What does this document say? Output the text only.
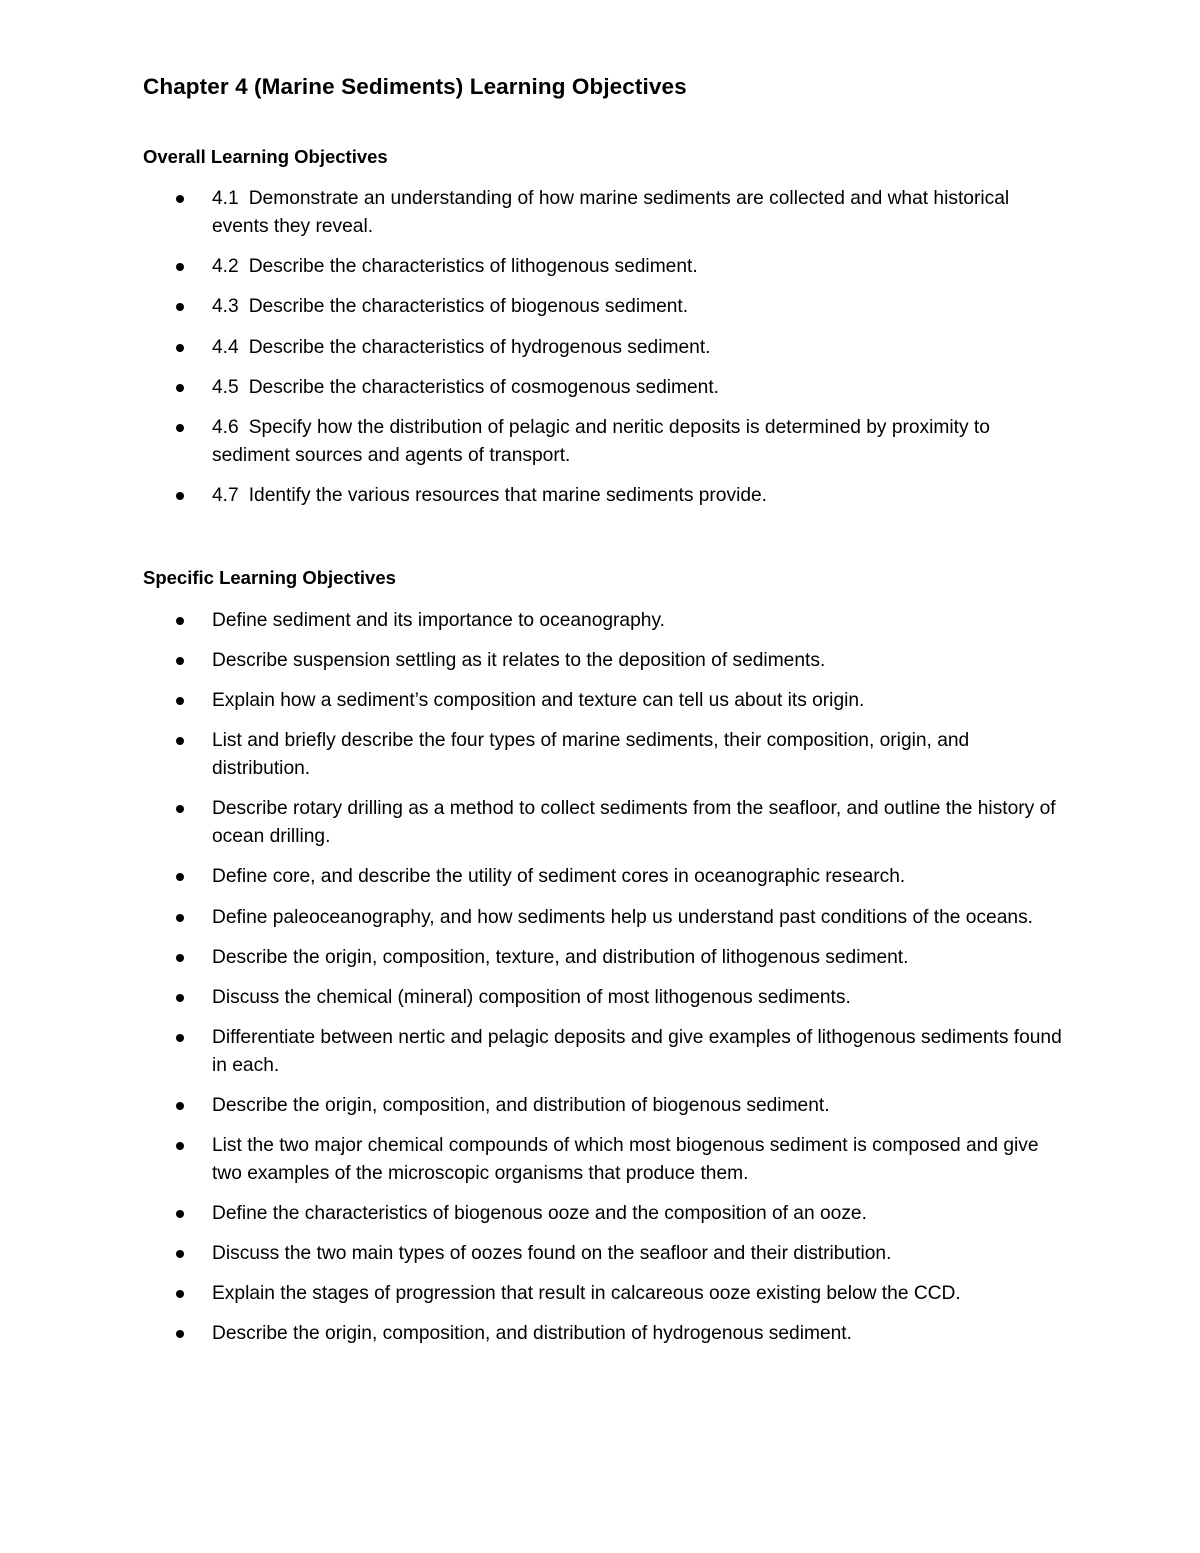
Chapter 4 (Marine Sediments) Learning Objectives
Overall Learning Objectives
4.1 Demonstrate an understanding of how marine sediments are collected and what historical events they reveal.
4.2 Describe the characteristics of lithogenous sediment.
4.3 Describe the characteristics of biogenous sediment.
4.4 Describe the characteristics of hydrogenous sediment.
4.5 Describe the characteristics of cosmogenous sediment.
4.6 Specify how the distribution of pelagic and neritic deposits is determined by proximity to sediment sources and agents of transport.
4.7 Identify the various resources that marine sediments provide.
Specific Learning Objectives
Define sediment and its importance to oceanography.
Describe suspension settling as it relates to the deposition of sediments.
Explain how a sediment’s composition and texture can tell us about its origin.
List and briefly describe the four types of marine sediments, their composition, origin, and distribution.
Describe rotary drilling as a method to collect sediments from the seafloor, and outline the history of ocean drilling.
Define core, and describe the utility of sediment cores in oceanographic research.
Define paleoceanography, and how sediments help us understand past conditions of the oceans.
Describe the origin, composition, texture, and distribution of lithogenous sediment.
Discuss the chemical (mineral) composition of most lithogenous sediments.
Differentiate between nertic and pelagic deposits and give examples of lithogenous sediments found in each.
Describe the origin, composition, and distribution of biogenous sediment.
List the two major chemical compounds of which most biogenous sediment is composed and give two examples of the microscopic organisms that produce them.
Define the characteristics of biogenous ooze and the composition of an ooze.
Discuss the two main types of oozes found on the seafloor and their distribution.
Explain the stages of progression that result in calcareous ooze existing below the CCD.
Describe the origin, composition, and distribution of hydrogenous sediment.
